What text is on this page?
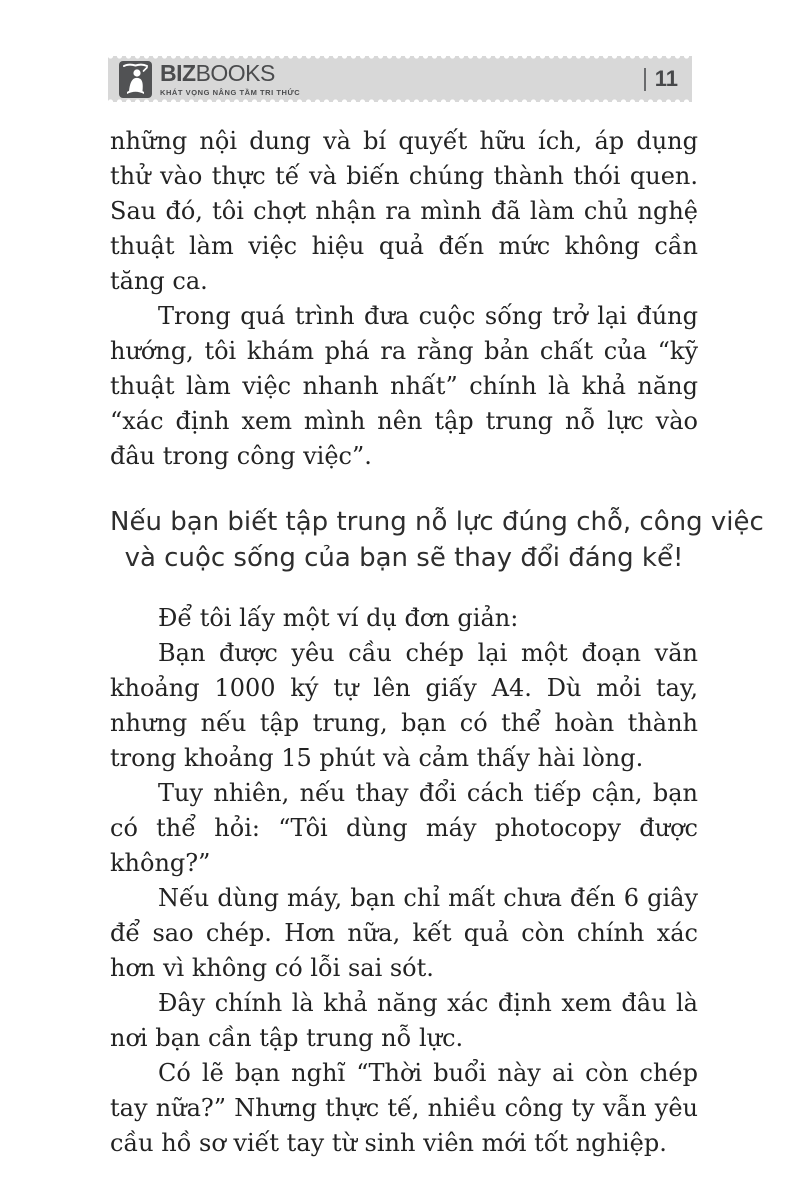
BIZBOOKS
KHÁT VỌNG NÂNG TẦM TRI THỨC
11

những nội dung và bí quyết hữu ích, áp dụng thử vào thực tế và biến chúng thành thói quen. Sau đó, tôi chợt nhận ra mình đã làm chủ nghệ thuật làm việc hiệu quả đến mức không cần tăng ca.

Trong quá trình đưa cuộc sống trở lại đúng hướng, tôi khám phá ra rằng bản chất của “kỹ thuật làm việc nhanh nhất” chính là khả năng “xác định xem mình nên tập trung nỗ lực vào đâu trong công việc”.

Nếu bạn biết tập trung nỗ lực đúng chỗ, công việc
và cuộc sống của bạn sẽ thay đổi đáng kể!

Để tôi lấy một ví dụ đơn giản:

Bạn được yêu cầu chép lại một đoạn văn khoảng 1000 ký tự lên giấy A4. Dù mỏi tay, nhưng nếu tập trung, bạn có thể hoàn thành trong khoảng 15 phút và cảm thấy hài lòng.

Tuy nhiên, nếu thay đổi cách tiếp cận, bạn có thể hỏi: “Tôi dùng máy photocopy được không?”

Nếu dùng máy, bạn chỉ mất chưa đến 6 giây để sao chép. Hơn nữa, kết quả còn chính xác hơn vì không có lỗi sai sót.

Đây chính là khả năng xác định xem đâu là nơi bạn cần tập trung nỗ lực.

Có lẽ bạn nghĩ “Thời buổi này ai còn chép tay nữa?” Nhưng thực tế, nhiều công ty vẫn yêu cầu hồ sơ viết tay từ sinh viên mới tốt nghiệp.
